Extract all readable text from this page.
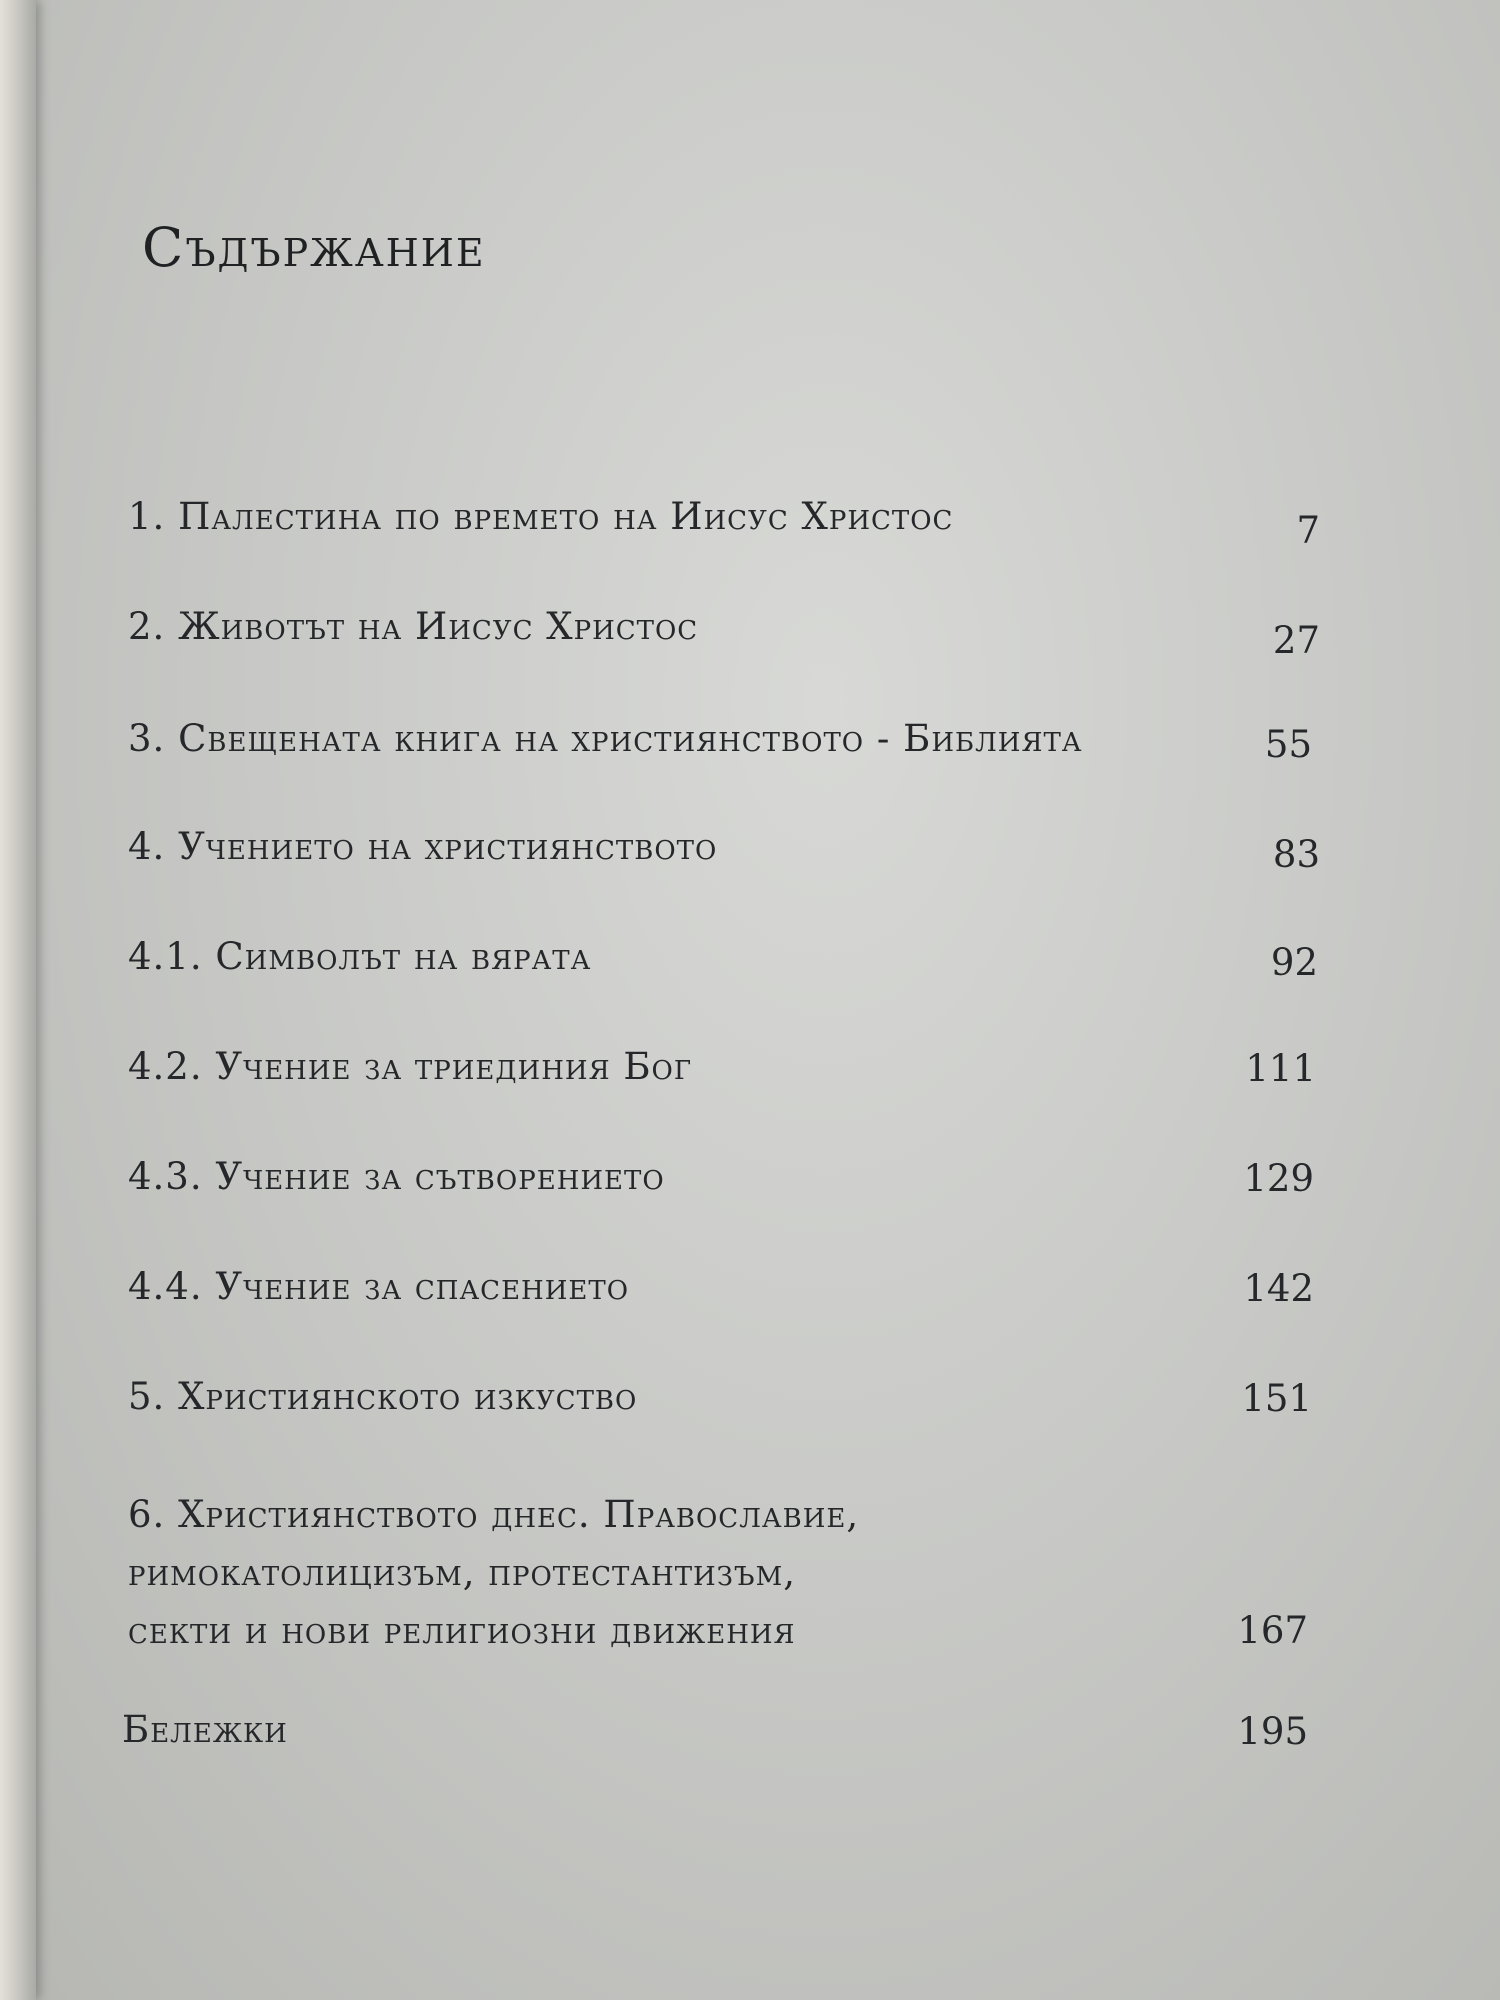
Съдържание
1. Палестина по времето на Иисус Христос	7
2. Животът на Иисус Христос	27
3. Свещената книга на християнството - Библията	55
4. Учението на християнството	83
4.1. Символът на вярата	92
4.2. Учение за триединия Бог	111
4.3. Учение за сътворението	129
4.4. Учение за спасението	142
5. Християнското изкуство	151
6. Християнството днес. Православие,
римокатолицизъм, протестантизъм,
секти и нови религиозни движения	167
Бележки	195
